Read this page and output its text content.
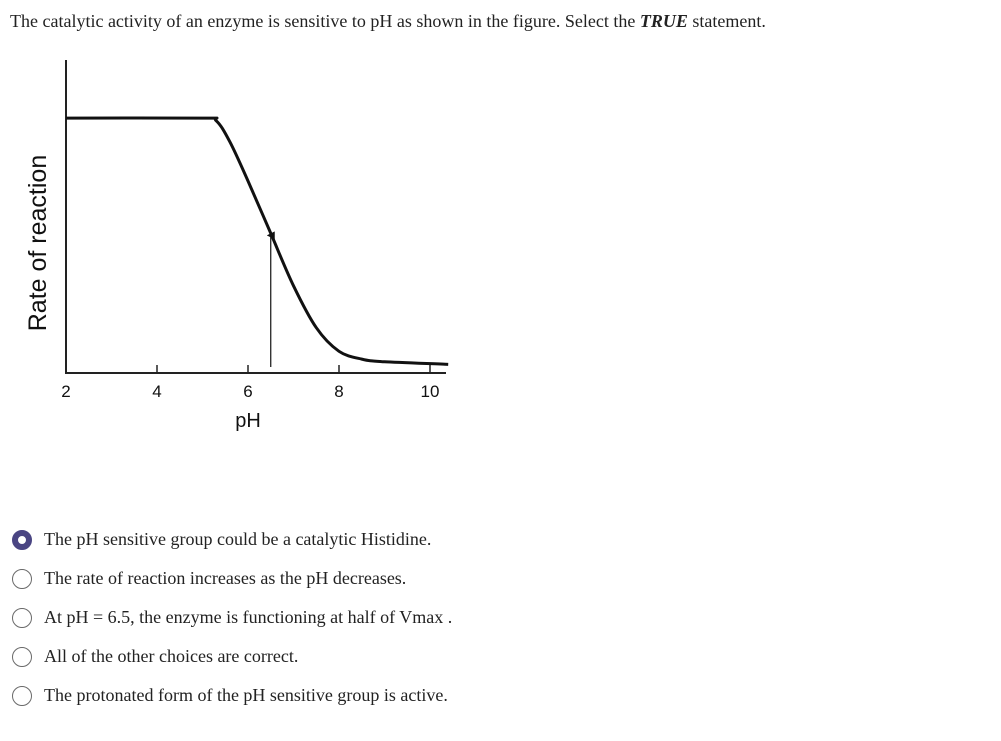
The catalytic activity of an enzyme is sensitive to pH as shown in the figure. Select the TRUE statement.
2	4	6	8	10
pH
Rate of reaction
The pH sensitive group could be a catalytic Histidine.
The rate of reaction increases as the pH decreases.
At pH = 6.5, the enzyme is functioning at half of Vmax .
All of the other choices are correct.
The protonated form of the pH sensitive group is active.
